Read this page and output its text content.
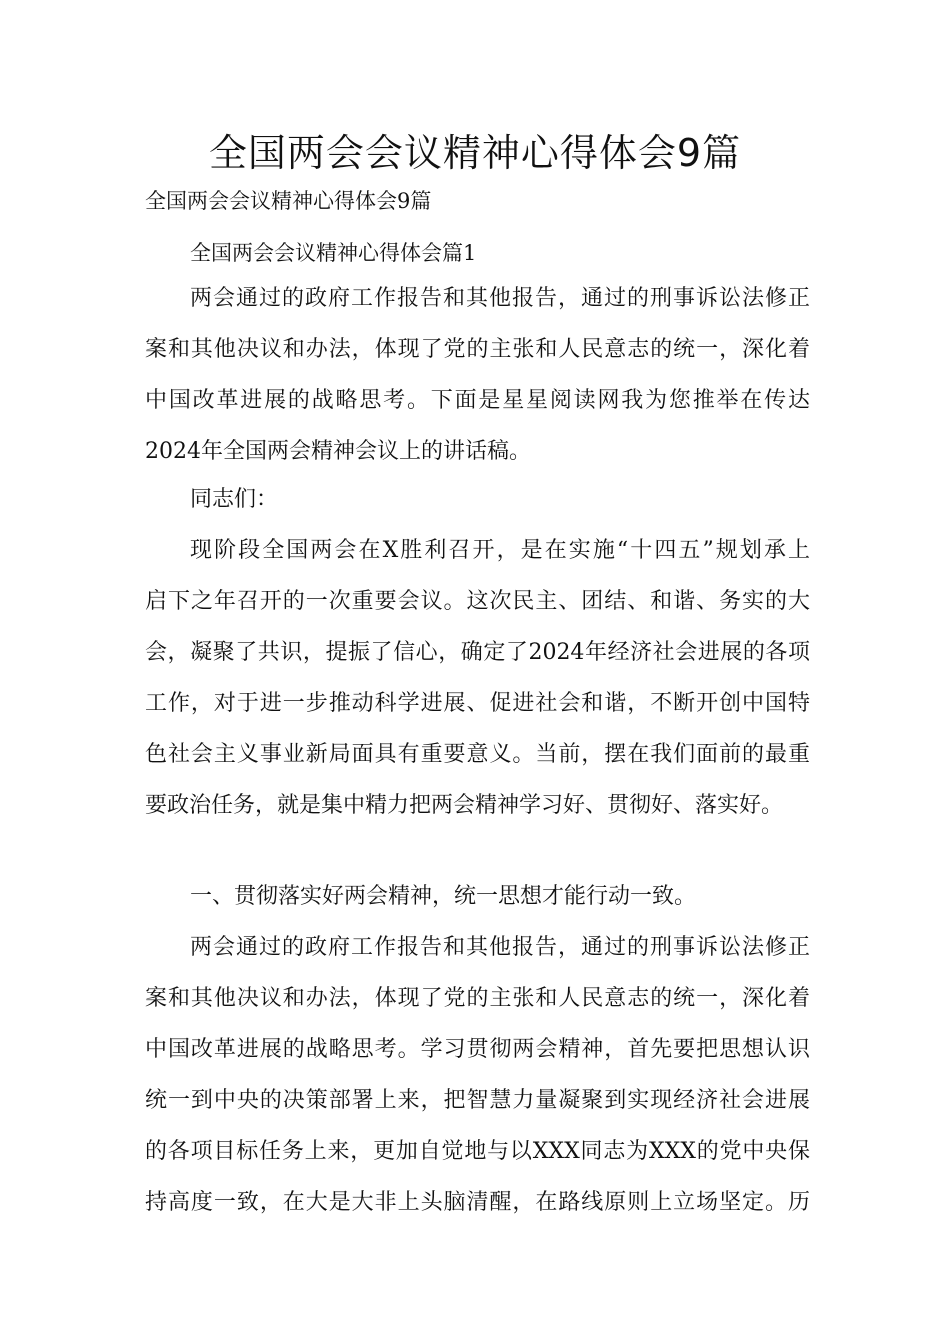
全国两会会议精神心得体会9篇
全国两会会议精神心得体会9篇
全国两会会议精神心得体会篇1
两会通过的政府工作报告和其他报告，通过的刑事诉讼法修正
案和其他决议和办法，体现了党的主张和人民意志的统一，深化着
中国改革进展的战略思考。下面是星星阅读网我为您推举在传达
2024年全国两会精神会议上的讲话稿。
同志们：
现阶段全国两会在X胜利召开，是在实施“十四五”规划承上
启下之年召开的一次重要会议。这次民主、团结、和谐、务实的大
会，凝聚了共识，提振了信心，确定了2024年经济社会进展的各项
工作，对于进一步推动科学进展、促进社会和谐，不断开创中国特
色社会主义事业新局面具有重要意义。当前，摆在我们面前的最重
要政治任务，就是集中精力把两会精神学习好、贯彻好、落实好。
一、贯彻落实好两会精神，统一思想才能行动一致。
两会通过的政府工作报告和其他报告，通过的刑事诉讼法修正
案和其他决议和办法，体现了党的主张和人民意志的统一，深化着
中国改革进展的战略思考。学习贯彻两会精神，首先要把思想认识
统一到中央的决策部署上来，把智慧力量凝聚到实现经济社会进展
的各项目标任务上来，更加自觉地与以XXX同志为XXX的党中央保
持高度一致，在大是大非上头脑清醒，在路线原则上立场坚定。历
